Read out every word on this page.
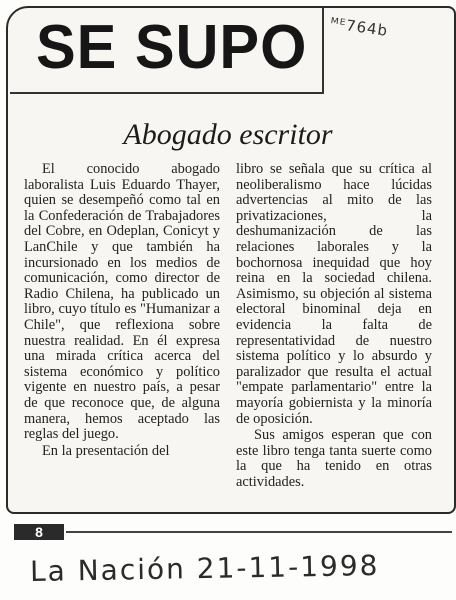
SE SUPO ᴹᴱ764b
Abogado escritor

El conocido abogado laboralista Luis Eduardo Thayer, quien se desempeñó como tal en la Confederación de Trabajadores del Cobre, en Odeplan, Conicyt y LanChile y que también ha incursionado en los medios de comunicación, como director de Radio Chilena, ha publicado un libro, cuyo título es "Humanizar a Chile", que reflexiona sobre nuestra realidad. En él expresa una mirada crítica acerca del sistema económico y político vigente en nuestro país, a pesar de que reconoce que, de alguna manera, hemos aceptado las reglas del juego.

En la presentación del

libro se señala que su crítica al neoliberalismo hace lúcidas advertencias al mito de las privatizaciones, la deshumanización de las relaciones laborales y la bochornosa inequidad que hoy reina en la sociedad chilena. Asimismo, su objeción al sistema electoral binominal deja en evidencia la falta de representatividad de nuestro sistema político y lo absurdo y paralizador que resulta el actual "empate parlamentario" entre la mayoría gobiernista y la minoría de oposición.

Sus amigos esperan que con este libro tenga tanta suerte como la que ha tenido en otras actividades.

8
La Nación 21-11-1998
